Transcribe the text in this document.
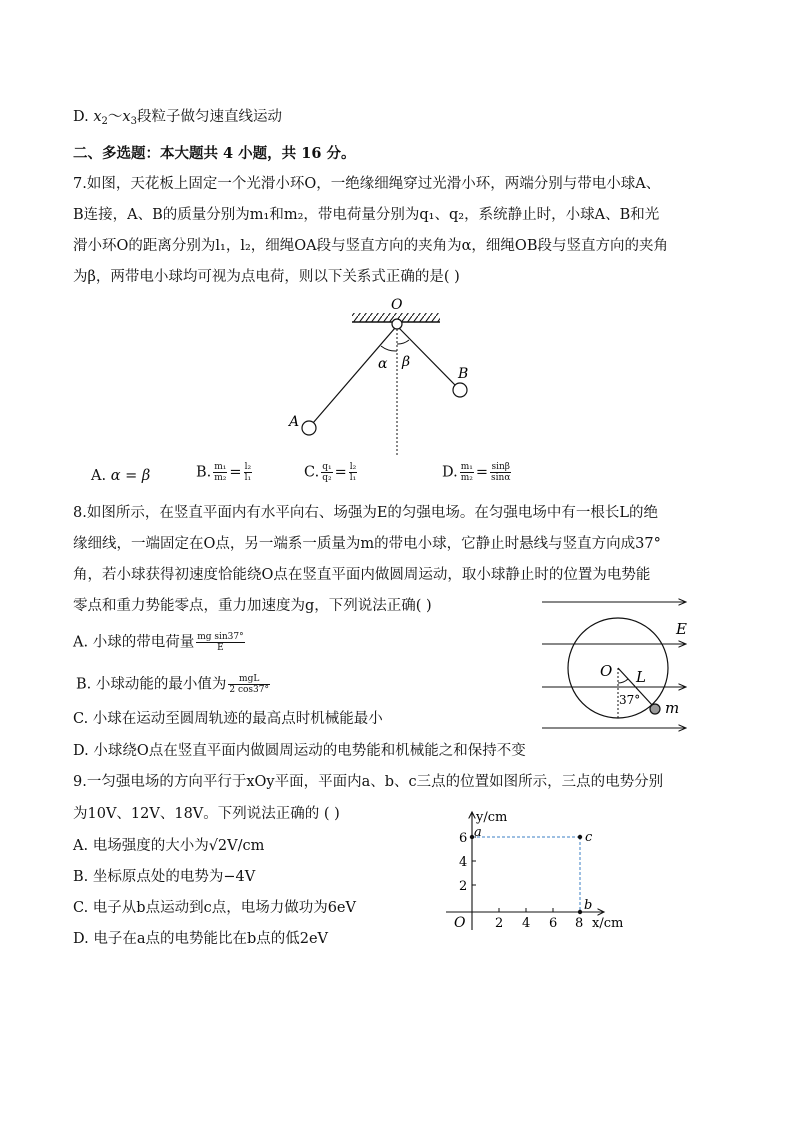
D. $x_2\sim x_3$段粒子做匀速直线运动
二、多选题：本大题共 4 小题，共 16 分。
7.如图，天花板上固定一个光滑小环O，一绝缘细绳穿过光滑小环，两端分别与带电小球A、
B连接，A、B的质量分别为m₁和m₂，带电荷量分别为q₁、q₂，系统静止时，小球A、B和光
滑小环O的距离分别为l₁，l₂，细绳OA段与竖直方向的夹角为α，细绳OB段与竖直方向的夹角
为β，两带电小球均可视为点电荷，则以下关系式正确的是( )
O
A
B
α β
A. α = β	B. $\frac{\text{m₁}}{\text{m₂}} = \frac{\text{l₂}}{\text{l₁}}$	C. $\frac{\text{q₁}}{\text{q₂}} = \frac{\text{l₂}}{\text{l₁}}$	D. $\frac{\text{m₁}}{\text{m₂}} = \frac{\sin\beta}{\sin\alpha}$
8.如图所示，在竖直平面内有水平向右、场强为E的匀强电场。在匀强电场中有一根长L的绝
缘细线，一端固定在O点，另一端系一质量为m的带电小球，它静止时悬线与竖直方向成37°
角，若小球获得初速度恰能绕O点在竖直平面内做圆周运动，取小球静止时的位置为电势能
零点和重力势能零点，重力加速度为g，下列说法正确( )
A. 小球的带电荷量 $\frac{\text{mg sin37°}}{E}$
B. 小球动能的最小值为 $\frac{\text{mgL}}{2 \cos 37^\circ}$
C. 小球在运动至圆周轨迹的最高点时机械能最小
D. 小球绕O点在竖直平面内做圆周运动的电势能和机械能之和保持不变
E
O L
37° m
9.一匀强电场的方向平行于xOy平面，平面内a、b、c三点的位置如图所示，三点的电势分别
为10V、12V、18V。下列说法正确的 ( )
A. 电场强度的大小为√2V/cm
B. 坐标原点处的电势为−4V
C. 电子从b点运动到c点，电场力做功为6eV
D. 电子在a点的电势能比在b点的低2eV
y/cm
x/cm
O 2 4 6 8
2
4
6 a	c
b
